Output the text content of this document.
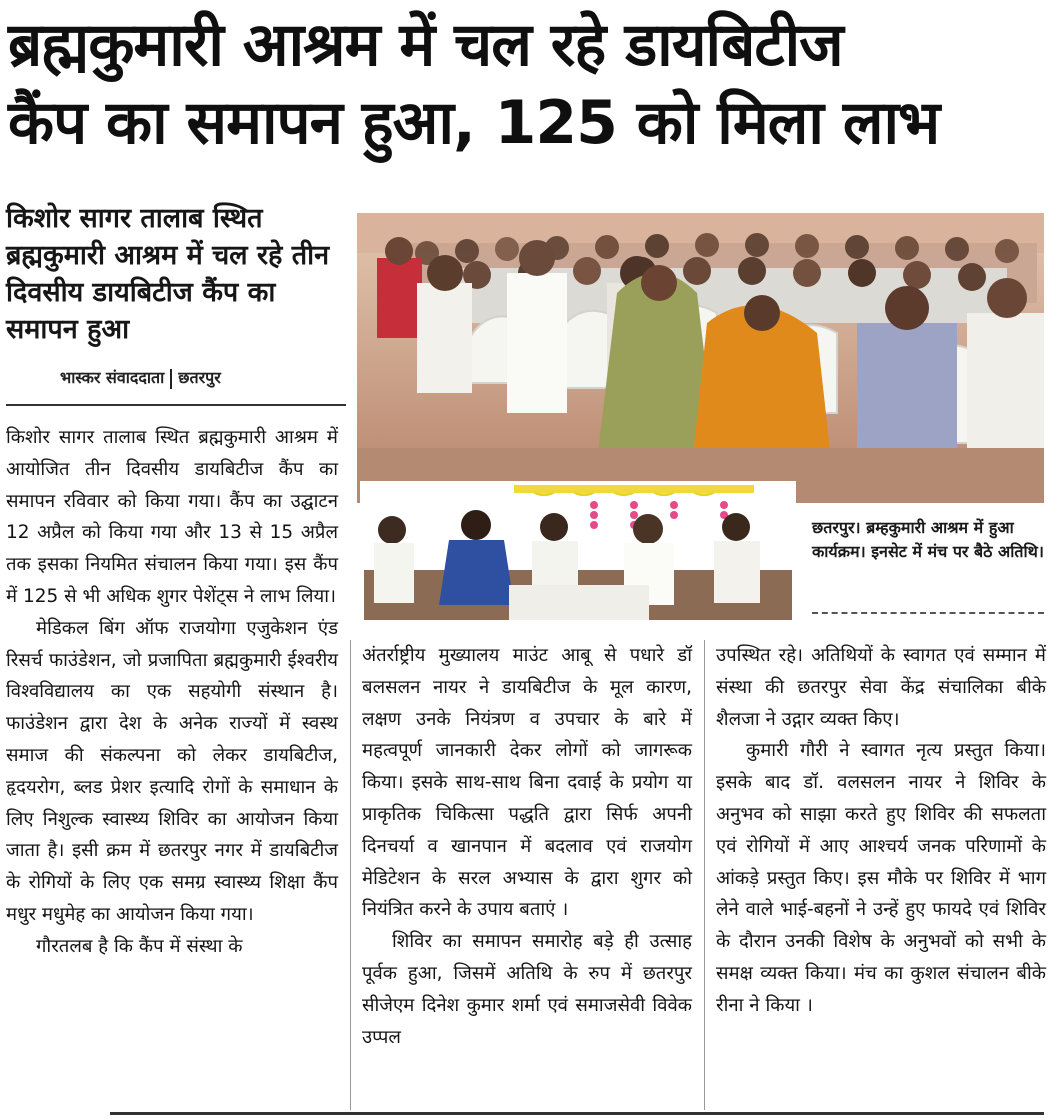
ब्रह्मकुमारी आश्रम में चल रहे डायबिटीज
कैंप का समापन हुआ, 125 को मिला लाभ
किशोर सागर तालाब स्थित ब्रह्मकुमारी आश्रम में चल रहे तीन दिवसीय डायबिटीज कैंप का समापन हुआ
भास्कर संवाददाता छतरपुर
छतरपुर। ब्रम्हकुमारी आश्रम में हुआ कार्यक्रम। इनसेट में मंच पर बैठे अतिथि।

किशोर सागर तालाब स्थित ब्रह्मकुमारी आश्रम में आयोजित तीन दिवसीय डायबिटीज कैंप का समापन रविवार को किया गया। कैंप का उद्घाटन 12 अप्रैल को किया गया और 13 से 15 अप्रैल तक इसका नियमित संचालन किया गया। इस कैंप में 125 से भी अधिक शुगर पेशेंट्स ने लाभ लिया।

मेडिकल बिंग ऑफ राजयोगा एजुकेशन एंड रिसर्च फाउंडेशन, जो प्रजापिता ब्रह्मकुमारी ईश्वरीय विश्वविद्यालय का एक सहयोगी संस्थान है। फाउंडेशन द्वारा देश के अनेक राज्यों में स्वस्थ समाज की संकल्पना को लेकर डायबिटीज, हृदयरोग, ब्लड प्रेशर इत्यादि रोगों के समाधान के लिए निशुल्क स्वास्थ्य शिविर का आयोजन किया जाता है। इसी क्रम में छतरपुर नगर में डायबिटीज के रोगियों के लिए एक समग्र स्वास्थ्य शिक्षा कैंप मधुर मधुमेह का आयोजन किया गया।

गौरतलब है कि कैंप में संस्था के

अंतर्राष्ट्रीय मुख्यालय माउंट आबू से पधारे डॉ बलसलन नायर ने डायबिटीज के मूल कारण, लक्षण उनके नियंत्रण व उपचार के बारे में महत्वपूर्ण जानकारी देकर लोगों को जागरूक किया। इसके साथ-साथ बिना दवाई के प्रयोग या प्राकृतिक चिकित्सा पद्धति द्वारा सिर्फ अपनी दिनचर्या व खानपान में बदलाव एवं राजयोग मेडिटेशन के सरल अभ्यास के द्वारा शुगर को नियंत्रित करने के उपाय बताएं ।

शिविर का समापन समारोह बड़े ही उत्साह पूर्वक हुआ, जिसमें अतिथि के रुप में छतरपुर सीजेएम दिनेश कुमार शर्मा एवं समाजसेवी विवेक उप्पल

उपस्थित रहे। अतिथियों के स्वागत एवं सम्मान में संस्था की छतरपुर सेवा केंद्र संचालिका बीके शैलजा ने उद्गार व्यक्त किए।

कुमारी गौरी ने स्वागत नृत्य प्रस्तुत किया। इसके बाद डॉ. वलसलन नायर ने शिविर के अनुभव को साझा करते हुए शिविर की सफलता एवं रोगियों में आए आश्चर्य जनक परिणामों के आंकड़े प्रस्तुत किए। इस मौके पर शिविर में भाग लेने वाले भाई-बहनों ने उन्हें हुए फायदे एवं शिविर के दौरान उनकी विशेष के अनुभवों को सभी के समक्ष व्यक्त किया। मंच का कुशल संचालन बीके रीना ने किया ।
